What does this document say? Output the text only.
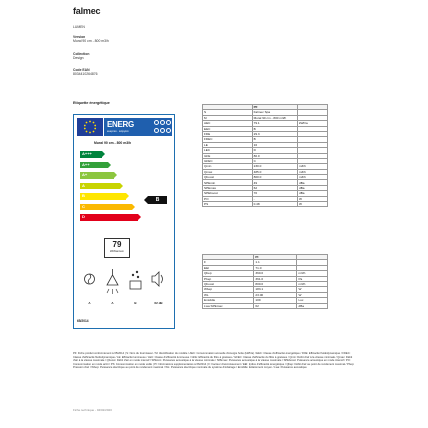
falmec
LUMEN
Version
Mural 90 cm - 800 m3/h
Collection
Design
Code EAN
8034410264876
Etiquette énergétique
ENERG
енергия · ενέργεια
Mural 90 cm - 800 m3/h
A+++
A++
A+
A
B
C
D
B
79
kWh/annum
A	A	B	62 dB
65/2014
	PF	
S	Falmec Spa	
M	Mural 90 cm - 800 m3/h	
AEC	79.1	kWh/a
EEC	B	
FDE	29.3	
FDEC	B	
LE	16	
LEC	D	
GFE	80.0	
GFEC	C	
Qmin	230.0	m3/h
Qmax	485.0	m3/h
Qboost	800.0	m3/h
SPEmin	49	dBa
SPEmax	62	dBa
SPEboost	70	dBa
PO	-	W
PS	0.48	W
	PI	
F	1.1	
EEI	71.0	
Qbep	360.0	m3/h
Pbep	361.0	Pa
Qboost	800.0	m3/h
Wbep	183.1	W
WL	23.00	W
Emiddle	109	Lux
Lwa SPEmax	62	dBa
PF: Fiche produit conformément à 65/2014 | S: Nom du fournisseur / M: Identification du modèle / AEC: Consommation annuelle d'énergie hotte (kWh/a) / EEC: Classe d'efficacité énergétique / FDE: Efficacité fluidodynamique / FDEC: Classe d'efficacité fluidodynamique / LE: Efficacité lumineuse / LEC: Classe d'efficacité lumineuse / GFE: Efficacité du filtre à graisses / GFEC: Classe d'efficacité du filtre à graisses / Qmin: Débit d'air à la vitesse minimale / Qmax: Débit d'air à la vitesse maximale / Qboost: Débit d'air en mode intensif / SPEmin: Puissance acoustique à la vitesse minimale / SPEmax: Puissance acoustique à la vitesse maximale / SPEboost: Puissance acoustique en mode intensif / PO: Consommation en mode arrêt / PS: Consommation en mode veille | PI: Informations supplémentaires à 66/2014 | F: Facteur d'accroissement / EEI: Indice d'efficacité énergétique / Qbep: Débit d'air au point de rendement maximal / Pbep: Pression d'air / Wbep: Puissance électrique au point de rendement maximal / WL: Puissance électrique nominale du système d'éclairage / Emiddle: Éclairement moyen / Lwa: Puissance acoustique
Fiche technique - 04/02/2020
